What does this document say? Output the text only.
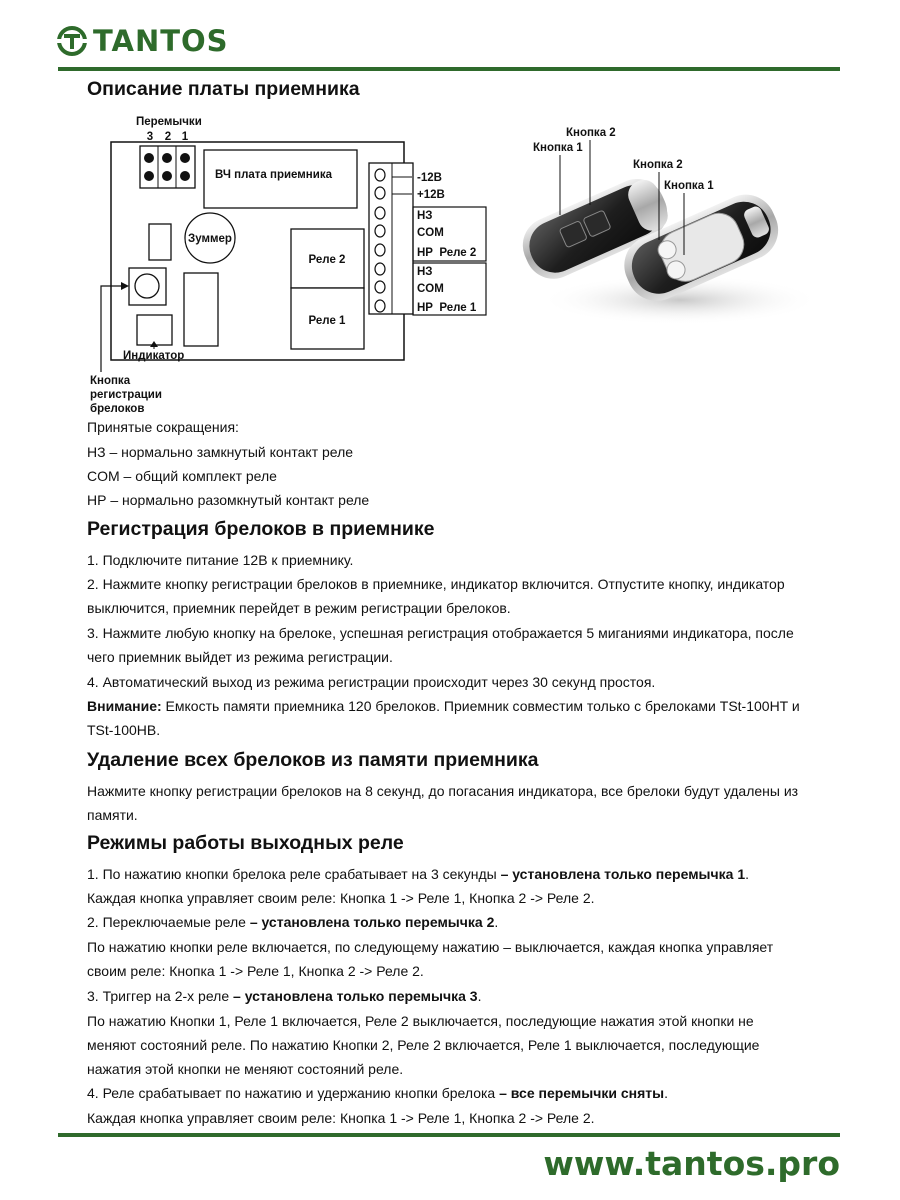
TANTOS
Описание платы приемника
Перемычки
3 2 1
ВЧ плата приемника
Зуммер
Индикатор
Реле 2
Реле 1
-12В
+12В
НЗ
COM
НР  Реле 2
НЗ
COM
НР  Реле 1
Кнопка
регистрации
брелоков
Кнопка 2
Кнопка 1
Кнопка 2
Кнопка 1
Принятые сокращения:
НЗ – нормально замкнутый контакт реле
COM – общий комплект реле
НР – нормально разомкнутый контакт реле
Регистрация брелоков в приемнике
1. Подключите питание 12В к приемнику.
2. Нажмите кнопку регистрации брелоков в приемнике, индикатор включится. Отпустите кнопку, индикатор
выключится, приемник перейдет в режим регистрации брелоков.
3. Нажмите любую кнопку на брелоке, успешная регистрация отображается 5 миганиями индикатора, после
чего приемник выйдет из режима регистрации.
4. Автоматический выход из режима регистрации происходит через 30 секунд простоя.
Внимание: Емкость памяти приемника 120 брелоков. Приемник совместим только с брелоками TSt-100HT и
TSt-100HB.
Удаление всех брелоков из памяти приемника
Нажмите кнопку регистрации брелоков на 8 секунд, до погасания индикатора, все брелоки будут удалены из
памяти.
Режимы работы выходных реле
1. По нажатию кнопки брелока реле срабатывает на 3 секунды – установлена только перемычка 1.
Каждая кнопка управляет своим реле: Кнопка 1 -> Реле 1, Кнопка 2 -> Реле 2.
2. Переключаемые реле – установлена только перемычка 2.
По нажатию кнопки реле включается, по следующему нажатию – выключается, каждая кнопка управляет
своим реле: Кнопка 1 -> Реле 1, Кнопка 2 -> Реле 2.
3. Триггер на 2-х реле – установлена только перемычка 3.
По нажатию Кнопки 1, Реле 1 включается, Реле 2 выключается, последующие нажатия этой кнопки не
меняют состояний реле. По нажатию Кнопки 2, Реле 2 включается, Реле 1 выключается, последующие
нажатия этой кнопки не меняют состояний реле.
4. Реле срабатывает по нажатию и удержанию кнопки брелока – все перемычки сняты.
Каждая кнопка управляет своим реле: Кнопка 1 -> Реле 1, Кнопка 2 -> Реле 2.
www.tantos.pro
